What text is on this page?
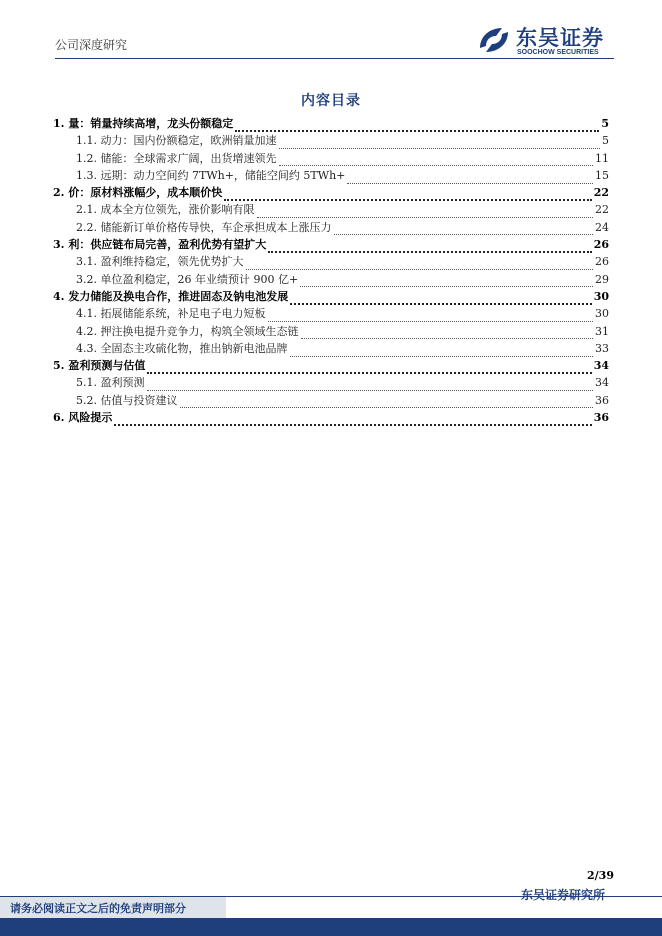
公司深度研究	东吴证券
SOOCHOW SECURITIES
内容目录
1. 量：销量持续高增，龙头份额稳定	5
1.1. 动力：国内份额稳定，欧洲销量加速	5
1.2. 储能：全球需求广阔，出货增速领先	11
1.3. 远期：动力空间约 7TWh+，储能空间约 5TWh+	15
2. 价：原材料涨幅少，成本顺价快	22
2.1. 成本全方位领先，涨价影响有限	22
2.2. 储能新订单价格传导快，车企承担成本上涨压力	24
3. 利：供应链布局完善，盈利优势有望扩大	26
3.1. 盈利维持稳定，领先优势扩大	26
3.2. 单位盈利稳定，26 年业绩预计 900 亿+	29
4. 发力储能及换电合作，推进固态及钠电池发展	30
4.1. 拓展储能系统，补足电子电力短板	30
4.2. 押注换电提升竞争力，构筑全领域生态链	31
4.3. 全固态主攻硫化物，推出钠新电池品牌	33
5. 盈利预测与估值	34
5.1. 盈利预测	34
5.2. 估值与投资建议	36
6. 风险提示	36
2/39
请务必阅读正文之后的免责声明部分
东吴证券研究所
